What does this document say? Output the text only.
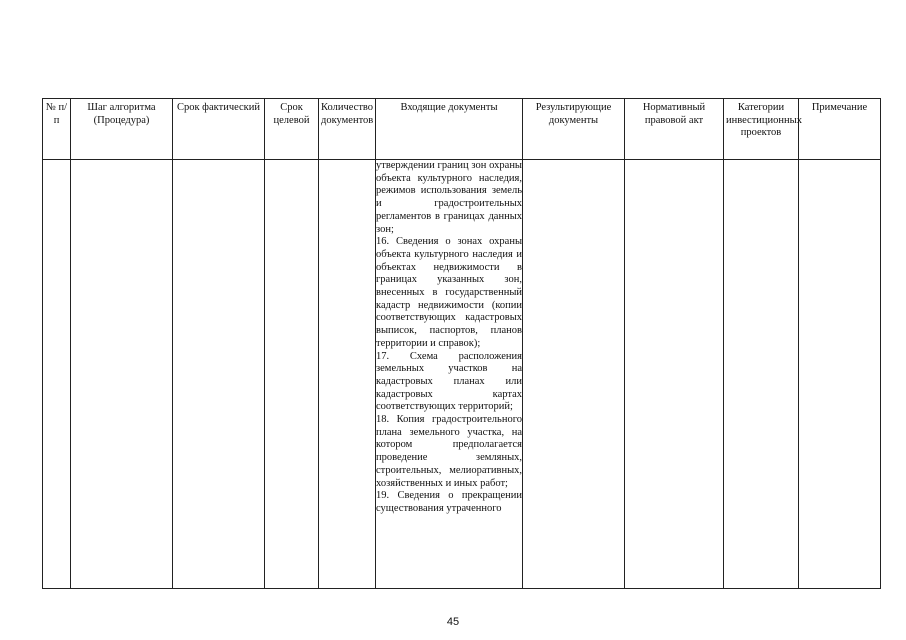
№ п/п	Шаг алгоритма (Процедура)	Срок фактический	Срок целевой	Количество документов	Входящие документы	Результирующие документы	Нормативный правовой акт	Категории инвестиционных проектов	Примечание

					утверждении границ зон охраны объекта культурного наследия, режимов использования земель и градостроительных регламентов в границах данных зон;
16. Сведения о зонах охраны объекта культурного наследия и объектах недвижимости в границах указанных зон, внесенных в государственный кадастр недвижимости (копии соответствующих кадастровых выписок, паспортов, планов территории и справок);
17. Схема расположения земельных участков на кадастровых планах или кадастровых картах соответствующих территорий;
18. Копия градостроительного плана земельного участка, на котором предполагается проведение земляных, строительных, мелиоративных, хозяйственных и иных работ;
19. Сведения о прекращении существования утраченного				

45
